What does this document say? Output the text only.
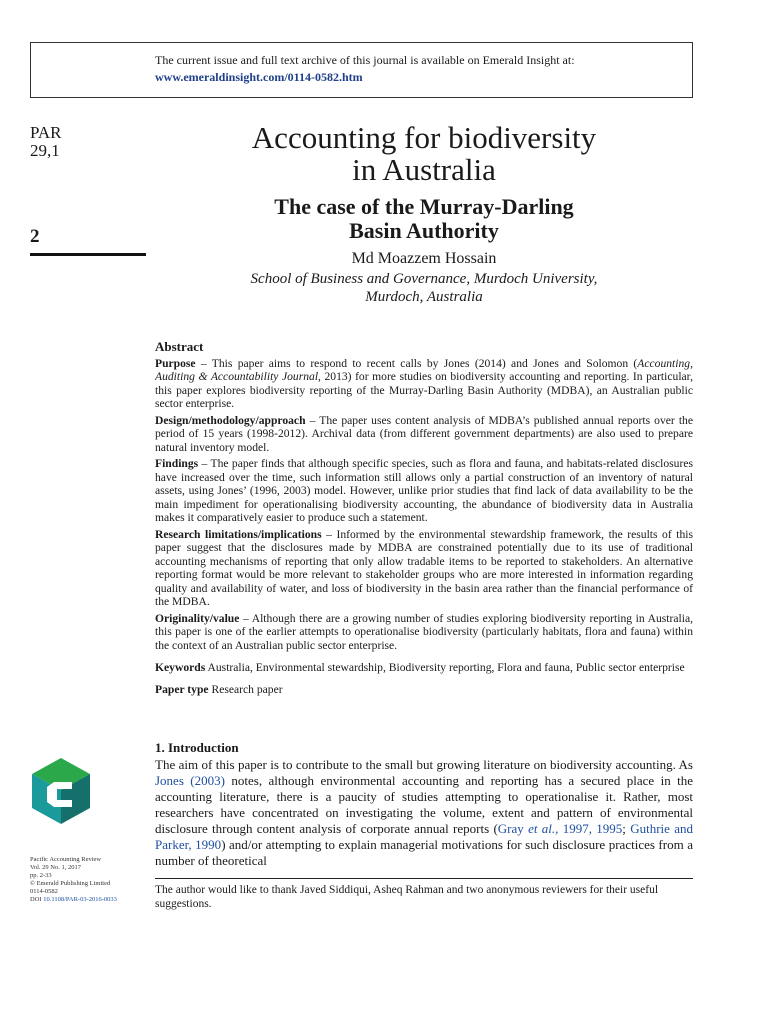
The current issue and full text archive of this journal is available on Emerald Insight at:
www.emeraldinsight.com/0114-0582.htm
PAR
29,1
2
Accounting for biodiversity
in Australia
The case of the Murray-Darling
Basin Authority
Md Moazzem Hossain
School of Business and Governance, Murdoch University,
Murdoch, Australia
Abstract

Purpose – This paper aims to respond to recent calls by Jones (2014) and Jones and Solomon (Accounting, Auditing & Accountability Journal, 2013) for more studies on biodiversity accounting and reporting. In particular, this paper explores biodiversity reporting of the Murray-Darling Basin Authority (MDBA), an Australian public sector enterprise.

Design/methodology/approach – The paper uses content analysis of MDBA’s published annual reports over the period of 15 years (1998-2012). Archival data (from different government departments) are also used to prepare natural inventory model.

Findings – The paper finds that although specific species, such as flora and fauna, and habitats-related disclosures have increased over the time, such information still allows only a partial construction of an inventory of natural assets, using Jones’ (1996, 2003) model. However, unlike prior studies that find lack of data availability to be the main impediment for operationalising biodiversity accounting, the abundance of biodiversity data in Australia makes it comparatively easier to produce such a statement.

Research limitations/implications – Informed by the environmental stewardship framework, the results of this paper suggest that the disclosures made by MDBA are constrained potentially due to its use of traditional accounting mechanisms of reporting that only allow tradable items to be reported to stakeholders. An alternative reporting format would be more relevant to stakeholder groups who are more interested in information regarding quality and availability of water, and loss of biodiversity in the basin area rather than the financial performance of the MDBA.

Originality/value – Although there are a growing number of studies exploring biodiversity reporting in Australia, this paper is one of the earlier attempts to operationalise biodiversity (particularly habitats, flora and fauna) within the context of an Australian public sector enterprise.

Keywords Australia, Environmental stewardship, Biodiversity reporting, Flora and fauna, Public sector enterprise

Paper type Research paper

1. Introduction

The aim of this paper is to contribute to the small but growing literature on biodiversity accounting. As Jones (2003) notes, although environmental accounting and reporting has a secured place in the accounting literature, there is a paucity of studies attempting to operationalise it. Rather, most researchers have concentrated on investigating the volume, extent and pattern of environmental disclosure through content analysis of corporate annual reports (Gray et al., 1997, 1995; Guthrie and Parker, 1990) and/or attempting to explain managerial motivations for such disclosure practices from a number of theoretical

The author would like to thank Javed Siddiqui, Asheq Rahman and two anonymous reviewers for their useful suggestions.
Pacific Accounting Review
Vol. 29 No. 1, 2017
pp. 2-33
© Emerald Publishing Limited
0114-0582
DOI 10.1108/PAR-03-2016-0033
